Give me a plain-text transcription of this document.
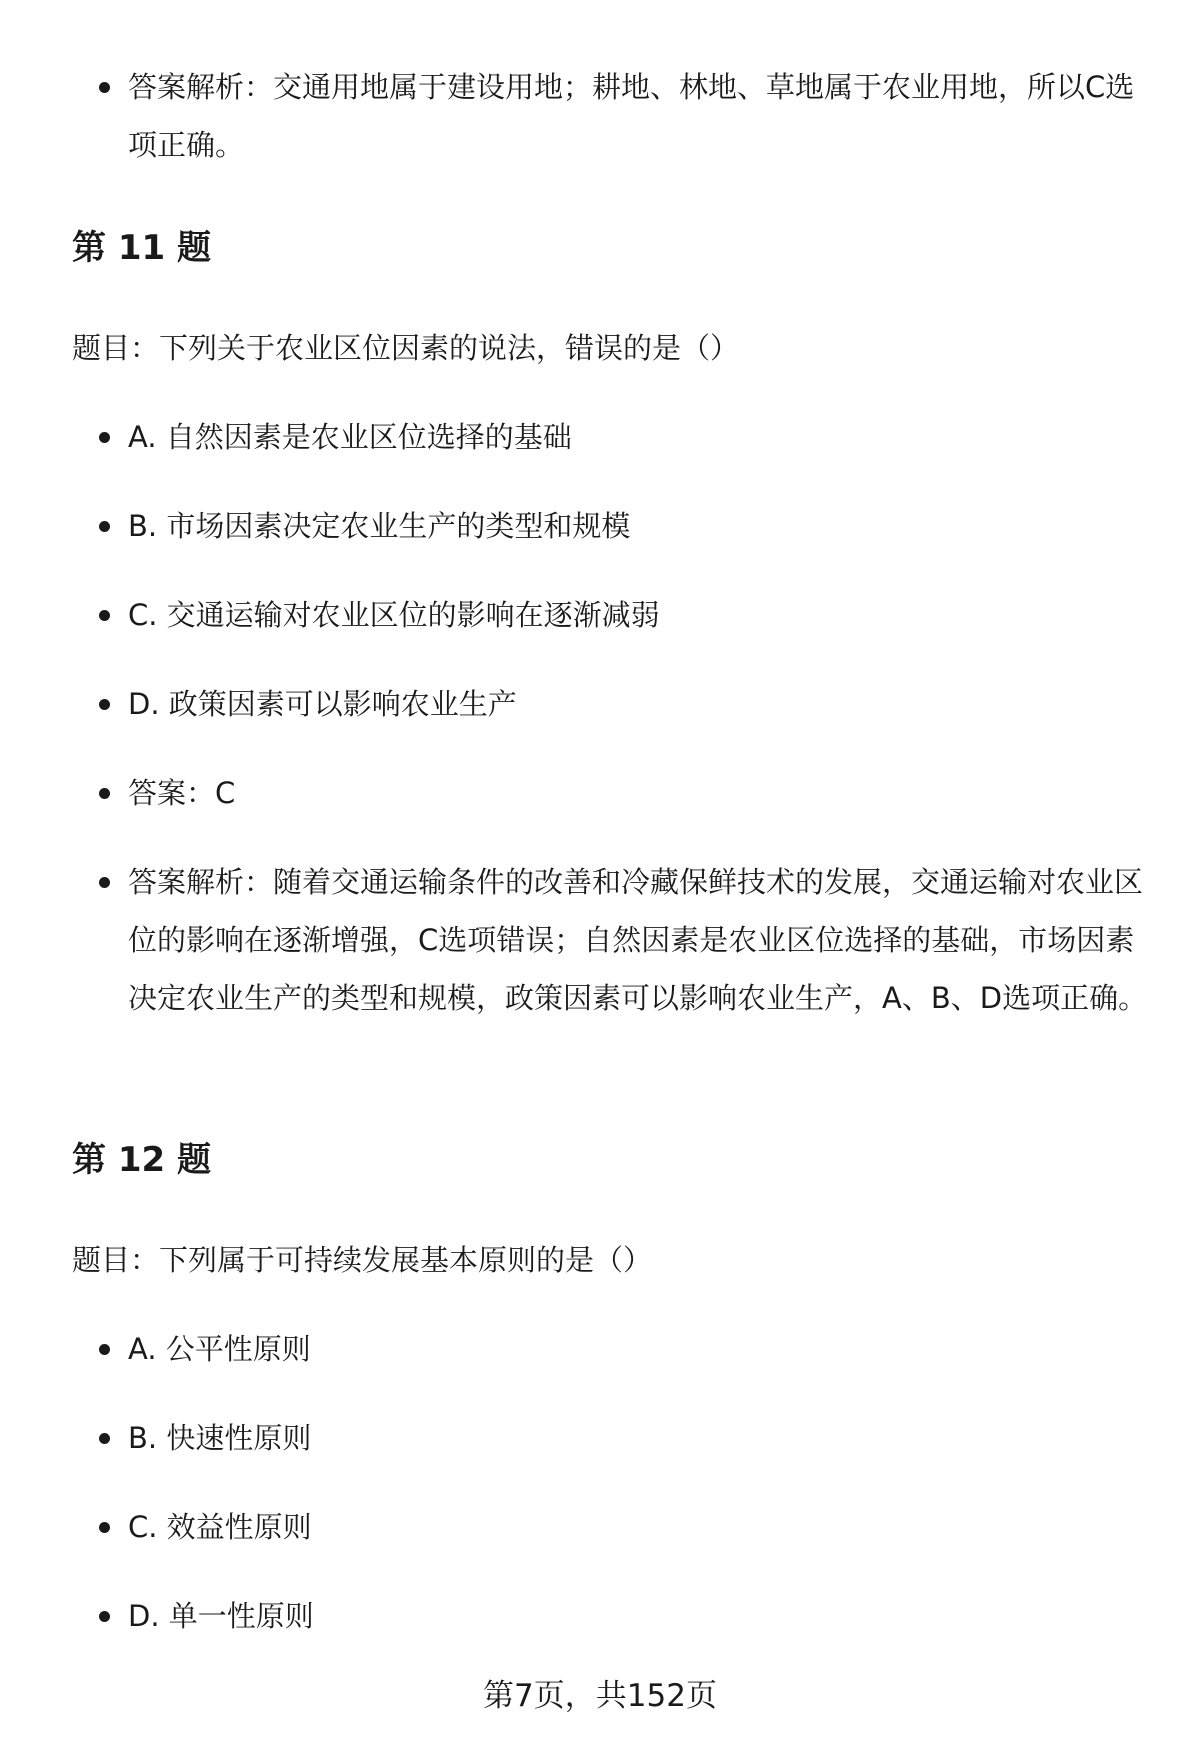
答案解析：交通用地属于建设用地；耕地、林地、草地属于农业用地，所以C选项正确。
第 11 题

题目：下列关于农业区位因素的说法，错误的是（）

A. 自然因素是农业区位选择的基础
B. 市场因素决定农业生产的类型和规模
C. 交通运输对农业区位的影响在逐渐减弱
D. 政策因素可以影响农业生产
答案：C
答案解析：随着交通运输条件的改善和冷藏保鲜技术的发展，交通运输对农业区位的影响在逐渐增强，C选项错误；自然因素是农业区位选择的基础，市场因素决定农业生产的类型和规模，政策因素可以影响农业生产，A、B、D选项正确。
第 12 题

题目：下列属于可持续发展基本原则的是（）

A. 公平性原则
B. 快速性原则
C. 效益性原则
D. 单一性原则
第7页，共152页
